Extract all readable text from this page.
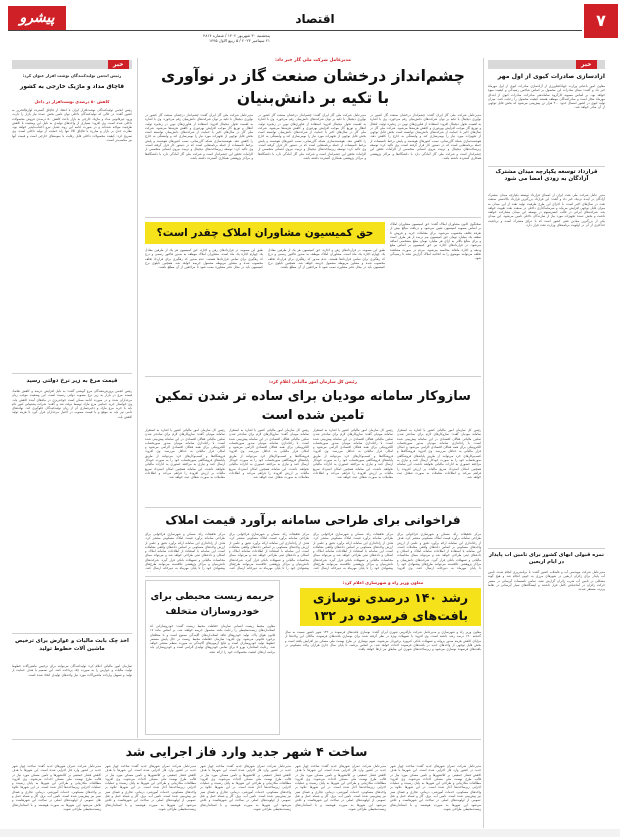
۷
اقتصاد
پیشرو
پنجشنبه ۳۰ شهریور ۱۴۰۲ / شماره ۴۸۱۴
۲۱ سپتامبر ۲۰۲۳ / ۵ ربیع الاول ۱۴۴۵
خبر
آزادسازی صادرات کیوی از اول مهر
معاون امور باغبانی وزارت جهادکشاورزی از آزادسازی صادرات کیوی از اول مهرماه خبر داد و گفت: مبنای صادرات این محصول بر اساس شاخص رسیدگی و کیفیت میوه خواهد بود. بر اساس مصوبه کارگروه ساماندهی صادرات، صادرات کیوی از ابتدای مهرماه مجاز است و صادرکنندگان موظف هستند کیفیت محصول را رعایت کنند. میزان تولید کیوی در کشور امسال حدود ۴۰۰ هزار تن پیش‌بینی می‌شود که بخش قابل توجهی از آن صادر خواهد شد.
قرارداد توسعه یکپارچه میدان مشترک آزادگان به زودی امضا می شود
مدیر عامل شرکت ملی نفت ایران از امضای قرارداد توسعه یکپارچه میدان مشترک آزادگان در آینده نزدیک خبر داد و گفت: این قرارداد بزرگترین قرارداد بالادستی صنعت نفت در سال‌های اخیر است. با اجرای این طرح ظرفیت تولید نفت از این میدان به میزان قابل توجهی افزایش می‌یابد و سرمایه‌گذاری داخلی در صنعت نفت تقویت خواهد شد. شرکت‌های ایرانی در قالب کنسرسیوم در توسعه این میدان مشارکت خواهند داشت و بخش عمده تجهیزات مورد نیاز از سازندگان داخلی تامین می‌شود. این میدان یکی از بزرگترین میادین نفتی کشور است که با عراق مشترک است و برداشت حداکثری از آن در اولویت برنامه‌های وزارت نفت قرار دارد.
نمره قبولی آبهای کشور برای تامین آب پایدار در ایام اربعین
مدیرعامل شرکت مهندسی آب و فاضلاب کشور گفت: با برنامه‌ریزی انجام شده، تامین آب پایدار برای زائران اربعین در شهرهای مرزی به خوبی انجام شد و هیچ گونه مشکلی در تامین آب شرب زائران گزارش نشد. تمامی تاسیسات آبرسانی در مسیر حرکت زائران در آماده‌باش کامل قرار داشتند و ایستگاه‌های سیار آبرسانی در نقاط پرتردد مستقر شدند.
مدیرعامل شرکت ملی گاز خبر داد:
چشم‌انداز درخشان صنعت گاز در نوآوری
با تکیه بر دانش‌بنیان
مدیرعامل شرکت ملی گاز ایران گفت: چشم‌انداز درخشان صنعت گاز کشور در نوآوری دیجیتال با تکیه بر توان شرکت‌های دانش‌بنیان رقم می‌خورد. وی با اشاره به اهمیت تحول دیجیتال افزود: استفاده از فناوری‌های نوین در زنجیره تولید، انتقال و توزیع گاز موجب افزایش بهره‌وری و کاهش هزینه‌ها می‌شود. شرکت ملی گاز در سال‌های اخیر با حمایت از شرکت‌های دانش‌بنیان توانسته است بخش قابل توجهی از تجهیزات مورد نیاز را بومی‌سازی کند و وابستگی به خارج را کاهش دهد. هوشمندسازی شبکه گازرسانی، نصب کنتورهای هوشمند و پایش برخط تاسیسات از جمله برنامه‌هایی است که در دستور کار قرار گرفته است. وی تاکید کرد: توسعه زیرساخت‌های دیجیتال و تربیت نیروی انسانی متخصص از الزامات تحقق این چشم‌انداز است و شرکت ملی گاز آمادگی دارد با دانشگاه‌ها و مراکز پژوهشی همکاری گسترده داشته باشد.
مدیرعامل شرکت ملی گاز ایران گفت: چشم‌انداز درخشان صنعت گاز کشور در نوآوری دیجیتال با تکیه بر توان شرکت‌های دانش‌بنیان رقم می‌خورد. وی با اشاره به اهمیت تحول دیجیتال افزود: استفاده از فناوری‌های نوین در زنجیره تولید، انتقال و توزیع گاز موجب افزایش بهره‌وری و کاهش هزینه‌ها می‌شود. شرکت ملی گاز در سال‌های اخیر با حمایت از شرکت‌های دانش‌بنیان توانسته است بخش قابل توجهی از تجهیزات مورد نیاز را بومی‌سازی کند و وابستگی به خارج را کاهش دهد. هوشمندسازی شبکه گازرسانی، نصب کنتورهای هوشمند و پایش برخط تاسیسات از جمله برنامه‌هایی است که در دستور کار قرار گرفته است. وی تاکید کرد: توسعه زیرساخت‌های دیجیتال و تربیت نیروی انسانی متخصص از الزامات تحقق این چشم‌انداز است و شرکت ملی گاز آمادگی دارد با دانشگاه‌ها و مراکز پژوهشی همکاری گسترده داشته باشد.
مدیرعامل شرکت ملی گاز ایران گفت: چشم‌انداز درخشان صنعت گاز کشور در نوآوری دیجیتال با تکیه بر توان شرکت‌های دانش‌بنیان رقم می‌خورد. وی با اشاره به اهمیت تحول دیجیتال افزود: استفاده از فناوری‌های نوین در زنجیره تولید، انتقال و توزیع گاز موجب افزایش بهره‌وری و کاهش هزینه‌ها می‌شود. شرکت ملی گاز در سال‌های اخیر با حمایت از شرکت‌های دانش‌بنیان توانسته است بخش قابل توجهی از تجهیزات مورد نیاز را بومی‌سازی کند و وابستگی به خارج را کاهش دهد. هوشمندسازی شبکه گازرسانی، نصب کنتورهای هوشمند و پایش برخط تاسیسات از جمله برنامه‌هایی است که در دستور کار قرار گرفته است. وی تاکید کرد: توسعه زیرساخت‌های دیجیتال و تربیت نیروی انسانی متخصص از الزامات تحقق این چشم‌انداز است و شرکت ملی گاز آمادگی دارد با دانشگاه‌ها و مراکز پژوهشی همکاری گسترده داشته باشد.
سخنگوی کانون مشاوران املاک گفت: حق کمیسیون مشاوران املاک بر اساس مصوبه کمیسیون تعیین می‌شود و دریافت مبالغ بیش از تعرفه تخلف محسوب می‌شود. برای معاملات خرید و فروش تا سقف یک میلیارد تومان حق کمیسیون نیم درصد از هر طرف است و برای مبالغ بالاتر به ازای هر میلیارد تومان مبلغ مشخصی اضافه می‌شود. در قراردادهای اجاره نیز حق کمیسیون بر اساس مبلغ ودیعه و اجاره ماهانه محاسبه می‌شود. مردم در صورت مشاهده تخلف می‌توانند موضوع را به اتحادیه املاک گزارش دهند تا رسیدگی شود.
حق کمیسیون مشاوران املاک چقدر است؟
طبق این مصوبه، در قراردادهای رهن و اجاره، حق کمیسیون هر یک از طرفین معادل یک چهارم اجاره یک ماه است. مشاوران املاک موظف به صدور فاکتور رسمی و درج کد رهگیری برای تمامی قراردادها هستند. عدم صدور کد رهگیری برای قرارداد تخلف محسوب شده و مشاور مربوطه مشمول جریمه خواهد شد. همچنین تابلوی نرخ کمیسیون باید در محل دفتر مشاوره نصب شود تا مراجعین از آن مطلع باشند.
طبق این مصوبه، در قراردادهای رهن و اجاره، حق کمیسیون هر یک از طرفین معادل یک چهارم اجاره یک ماه است. مشاوران املاک موظف به صدور فاکتور رسمی و درج کد رهگیری برای تمامی قراردادها هستند. عدم صدور کد رهگیری برای قرارداد تخلف محسوب شده و مشاور مربوطه مشمول جریمه خواهد شد. همچنین تابلوی نرخ کمیسیون باید در محل دفتر مشاوره نصب شود تا مراجعین از آن مطلع باشند.
رئیس کل سازمان امور مالیاتی اعلام کرد:
سازوکار سامانه مودیان برای ساده تر شدن تمکین
تامین شده است
رئیس کل سازمان امور مالیاتی کشور با اشاره به استقرار سامانه مودیان گفت: سازوکارهای لازم برای ساده‌تر شدن تمکین مالیاتی فعالان اقتصادی در این سامانه پیش‌بینی شده است. با راه‌اندازی سامانه مودیان صدور صورتحساب الکترونیکی برای همه فعالان اقتصادی الزامی می‌شود و امکان فرار مالیاتی به حداقل می‌رسد. وی افزود: فروشگاه‌ها و کسب‌وکارهای خرد می‌توانند از طریق پایانه‌های فروشگاهی صورتحساب خود را به صورت خودکار ارسال کنند و نیازی به مراجعه حضوری به ادارات مالیاتی نخواهند داشت. این سامانه همچنین امکان استرداد سریع مالیات بر ارزش افزوده را فراهم می‌کند و اطلاعات معاملات به صورت شفاف ثبت خواهد شد.
رئیس کل سازمان امور مالیاتی کشور با اشاره به استقرار سامانه مودیان گفت: سازوکارهای لازم برای ساده‌تر شدن تمکین مالیاتی فعالان اقتصادی در این سامانه پیش‌بینی شده است. با راه‌اندازی سامانه مودیان صدور صورتحساب الکترونیکی برای همه فعالان اقتصادی الزامی می‌شود و امکان فرار مالیاتی به حداقل می‌رسد. وی افزود: فروشگاه‌ها و کسب‌وکارهای خرد می‌توانند از طریق پایانه‌های فروشگاهی صورتحساب خود را به صورت خودکار ارسال کنند و نیازی به مراجعه حضوری به ادارات مالیاتی نخواهند داشت. این سامانه همچنین امکان استرداد سریع مالیات بر ارزش افزوده را فراهم می‌کند و اطلاعات معاملات به صورت شفاف ثبت خواهد شد.
رئیس کل سازمان امور مالیاتی کشور با اشاره به استقرار سامانه مودیان گفت: سازوکارهای لازم برای ساده‌تر شدن تمکین مالیاتی فعالان اقتصادی در این سامانه پیش‌بینی شده است. با راه‌اندازی سامانه مودیان صدور صورتحساب الکترونیکی برای همه فعالان اقتصادی الزامی می‌شود و امکان فرار مالیاتی به حداقل می‌رسد. وی افزود: فروشگاه‌ها و کسب‌وکارهای خرد می‌توانند از طریق پایانه‌های فروشگاهی صورتحساب خود را به صورت خودکار ارسال کنند و نیازی به مراجعه حضوری به ادارات مالیاتی نخواهند داشت. این سامانه همچنین امکان استرداد سریع مالیات بر ارزش افزوده را فراهم می‌کند و اطلاعات معاملات به صورت شفاف ثبت خواهد شد.
رئیس کل سازمان امور مالیاتی کشور با اشاره به استقرار سامانه مودیان گفت: سازوکارهای لازم برای ساده‌تر شدن تمکین مالیاتی فعالان اقتصادی در این سامانه پیش‌بینی شده است. با راه‌اندازی سامانه مودیان صدور صورتحساب الکترونیکی برای همه فعالان اقتصادی الزامی می‌شود و امکان فرار مالیاتی به حداقل می‌رسد. وی افزود: فروشگاه‌ها و کسب‌وکارهای خرد می‌توانند از طریق پایانه‌های فروشگاهی صورتحساب خود را به صورت خودکار ارسال کنند و نیازی به مراجعه حضوری به ادارات مالیاتی نخواهند داشت. این سامانه همچنین امکان استرداد سریع مالیات بر ارزش افزوده را فراهم می‌کند و اطلاعات معاملات به صورت شفاف ثبت خواهد شد.
فراخوانی برای طراحی سامانه برآورد قیمت املاک
مرکز تحقیقات راه، مسکن و شهرسازی فراخوانی برای طراحی سامانه برآورد قیمت املاک مسکونی منتشر کرد. هدف از راه‌اندازی این سامانه ارائه برآورد دقیق و علمی از ارزش واحدهای مسکونی بر اساس داده‌های واقعی معاملات است. این سامانه با استفاده از اطلاعات سامانه املاک و اسکان و داده‌های ثبتی طراحی خواهد شد و می‌تواند مبنای محاسبات مالیاتی و تسهیلات بانکی قرار گیرد. شرکت‌های دانش‌بنیان و مراکز پژوهشی علاقه‌مند می‌توانند طرح‌های پیشنهادی خود را تا پایان مهرماه به دبیرخانه ارسال کنند. وی افزود:
مرکز تحقیقات راه، مسکن و شهرسازی فراخوانی برای طراحی سامانه برآورد قیمت املاک مسکونی منتشر کرد. هدف از راه‌اندازی این سامانه ارائه برآورد دقیق و علمی از ارزش واحدهای مسکونی بر اساس داده‌های واقعی معاملات است. این سامانه با استفاده از اطلاعات سامانه املاک و اسکان و داده‌های ثبتی طراحی خواهد شد و می‌تواند مبنای محاسبات مالیاتی و تسهیلات بانکی قرار گیرد. شرکت‌های دانش‌بنیان و مراکز پژوهشی علاقه‌مند می‌توانند طرح‌های پیشنهادی خود را تا پایان مهرماه به دبیرخانه ارسال کنند.
مرکز تحقیقات راه، مسکن و شهرسازی فراخوانی برای طراحی سامانه برآورد قیمت املاک مسکونی منتشر کرد. هدف از راه‌اندازی این سامانه ارائه برآورد دقیق و علمی از ارزش واحدهای مسکونی بر اساس داده‌های واقعی معاملات است. این سامانه با استفاده از اطلاعات سامانه املاک و اسکان و داده‌های ثبتی طراحی خواهد شد و می‌تواند مبنای محاسبات مالیاتی و تسهیلات بانکی قرار گیرد. شرکت‌های دانش‌بنیان و مراکز پژوهشی علاقه‌مند می‌توانند طرح‌های پیشنهادی خود را تا پایان مهرماه به دبیرخانه ارسال کنند.
مرکز تحقیقات راه، مسکن و شهرسازی فراخوانی برای طراحی سامانه برآورد قیمت املاک مسکونی منتشر کرد. هدف از راه‌اندازی این سامانه ارائه برآورد دقیق و علمی از ارزش واحدهای مسکونی بر اساس داده‌های واقعی معاملات است. این سامانه با استفاده از اطلاعات سامانه املاک و اسکان و داده‌های ثبتی طراحی خواهد شد و می‌تواند مبنای محاسبات مالیاتی و تسهیلات بانکی قرار گیرد. شرکت‌های دانش‌بنیان و مراکز پژوهشی علاقه‌مند می‌توانند طرح‌های پیشنهادی خود را تا پایان مهرماه به دبیرخانه ارسال کنند.
معاون وزیر راه و شهرسازی اعلام کرد:
رشد ۱۴۰ درصدی نوسازی
بافت‌های فرسوده در ۱۳۲
معاون وزیر راه و شهرسازی و مدیرعامل شرکت بازآفرینی شهری ایران گفت: نوسازی بافت‌های فرسوده در ۱۳۲ شهر کشور نسبت به سال گذشته ۱۴۰ درصد رشد داشته است. وی افزود: با تسهیلات ویژه در نظر گرفته شده برای نوسازی بافت‌های فرسوده، مالکان این واحدها از مزایای کاهش هزینه صدور پروانه و تسهیلات بانکی کم‌بهره برخوردار می‌شوند. سهم نوسازی در طرح نهضت ملی مسکن نیز افزایش یافته است و بخش قابل توجهی از واحدهای جدید در بافت‌های فرسوده احداث خواهد شد. بر اساس برنامه، تا پایان سال جاری هزاران واحد مسکونی در بافت‌های فرسوده نوسازی می‌شود و زیرساخت‌های شهری این مناطق نیز ارتقا خواهد یافت.
جریمه زیست محیطی برای
خودروسازان متخلف
معاون محیط زیست انسانی سازمان حفاظت محیط زیست گفت: خودروسازانی که استانداردهای زیست‌محیطی را رعایت نکنند مشمول جریمه خواهند شد. بر اساس ماده ۱۷ قانون هوای پاک، تولید خودروهای فاقد استانداردهای آلایندگی ممنوع است و با متخلفان برخورد قانونی می‌شود. وی افزود: سازمان حفاظت محیط زیست در حال پایش مستمر خطوط تولید خودروسازان است و نتایج آزمون‌های آلایندگی به صورت منظم منتشر خواهد شد. رعایت استاندارد یورو ۵ برای تمامی خودروهای تولیدی الزامی است و خودروسازان باید برنامه ارتقای کیفیت محصولات خود را ارائه دهند.
خبر
رئیس انجمن تولیدکنندگان نوشت افزار عنوان کرد:
قاچاق مداد و ماژیک خارجی به کشور
کاهش ۵۰ درصدی نوشت‌افزار در داخل
رئیس انجمن تولیدکنندگان نوشت‌افزار ایران با انتقاد از قاچاق گسترده لوازم‌التحریر به کشور گفت: در حالی که تولیدکنندگان داخلی توان تامین بخش عمده نیاز بازار را دارند، ورود غیرقانونی مداد و ماژیک خارجی به بازار باعث کاهش ۵۰ درصدی فروش محصولات داخلی شده است. وی افزود: بسیاری از واحدهای تولیدی به دلیل این وضعیت با کاهش ظرفیت مواجه شده‌اند و در صورت ادامه این روند تعدیل نیرو اجتناب‌ناپذیر خواهد بود. نظارت جدی بر بازار و مبارزه با قاچاق کالا تنها راه حمایت از تولید داخلی است. وی تصریح کرد: کیفیت محصولات داخلی قابل رقابت با نمونه‌های خارجی است و قیمت آنها نیز مناسب‌تر است.
قیمت مرغ به زیر نرخ دولتی رسید
رئیس انجمن پرورش‌دهندگان مرغ گوشتی گفت: به دلیل افزایش عرضه و کاهش تقاضا، قیمت مرغ در بازار به زیر نرخ مصوب دولتی رسیده است. این وضعیت موجب زیان مرغداران شده و در صورت ادامه ممکن است جوجه‌ریزی در ماه‌های آینده کاهش یابد. وی خواستار خرید حمایتی مرغ مازاد توسط دولت شد و گفت: شرکت پشتیبانی امور دام باید با خرید مرغ مازاد و ذخیره‌سازی آن از زیان تولیدکنندگان جلوگیری کند. نهاده‌های دامی نیز باید به موقع و با قیمت مصوب در اختیار مرغداران قرار گیرد تا هزینه تولید کاهش یابد.
اخذ چک بابت مالیات و عوارض برای ترخیص ماشین آلات خطوط تولید
سازمان امور مالیاتی اعلام کرد: تولیدکنندگان می‌توانند برای ترخیص ماشین‌آلات خطوط تولید، مالیات و عوارض را به صورت چک پرداخت کنند. این تصمیم با هدف حمایت از تولید و تسهیل واردات ماشین‌آلات مورد نیاز واحدهای تولیدی اتخاذ شده است.
ساخت ۴ شهر جدید وارد فاز اجرایی شد
مدیرعامل شرکت عمران شهرهای جدید گفت: ساخت چهار شهر جدید در کشور وارد فاز اجرایی شده است. این شهرها با هدف کاهش فشار جمعیتی بر کلانشهرها و تامین مسکن مورد نیاز در قالب طرح نهضت ملی مسکن احداث می‌شوند. وی افزود: مطالعات مکان‌یابی و طراحی این شهرها به پایان رسیده و عملیات اجرایی زیرساخت‌ها آغاز شده است. در این شهرها علاوه بر واحدهای مسکونی، خدمات آموزشی، درمانی، تجاری و فضای سبز نیز پیش‌بینی شده است. تامین آب، برق، گاز و شبکه حمل و نقل عمومی از اولویت‌های اصلی در ساخت این شهرهاست و تلاش می‌شود این شهرها به صورت هوشمند و با استانداردهای زیست‌محیطی طراحی شوند.
مدیرعامل شرکت عمران شهرهای جدید گفت: ساخت چهار شهر جدید در کشور وارد فاز اجرایی شده است. این شهرها با هدف کاهش فشار جمعیتی بر کلانشهرها و تامین مسکن مورد نیاز در قالب طرح نهضت ملی مسکن احداث می‌شوند. وی افزود: مطالعات مکان‌یابی و طراحی این شهرها به پایان رسیده و عملیات اجرایی زیرساخت‌ها آغاز شده است. در این شهرها علاوه بر واحدهای مسکونی، خدمات آموزشی، درمانی، تجاری و فضای سبز نیز پیش‌بینی شده است. تامین آب، برق، گاز و شبکه حمل و نقل عمومی از اولویت‌های اصلی در ساخت این شهرهاست و تلاش می‌شود این شهرها به صورت هوشمند و با استانداردهای زیست‌محیطی طراحی شوند.
مدیرعامل شرکت عمران شهرهای جدید گفت: ساخت چهار شهر جدید در کشور وارد فاز اجرایی شده است. این شهرها با هدف کاهش فشار جمعیتی بر کلانشهرها و تامین مسکن مورد نیاز در قالب طرح نهضت ملی مسکن احداث می‌شوند. وی افزود: مطالعات مکان‌یابی و طراحی این شهرها به پایان رسیده و عملیات اجرایی زیرساخت‌ها آغاز شده است. در این شهرها علاوه بر واحدهای مسکونی، خدمات آموزشی، درمانی، تجاری و فضای سبز نیز پیش‌بینی شده است. تامین آب، برق، گاز و شبکه حمل و نقل عمومی از اولویت‌های اصلی در ساخت این شهرهاست و تلاش می‌شود این شهرها به صورت هوشمند و با استانداردهای زیست‌محیطی طراحی شوند.
مدیرعامل شرکت عمران شهرهای جدید گفت: ساخت چهار شهر جدید در کشور وارد فاز اجرایی شده است. این شهرها با هدف کاهش فشار جمعیتی بر کلانشهرها و تامین مسکن مورد نیاز در قالب طرح نهضت ملی مسکن احداث می‌شوند. وی افزود: مطالعات مکان‌یابی و طراحی این شهرها به پایان رسیده و عملیات اجرایی زیرساخت‌ها آغاز شده است. در این شهرها علاوه بر واحدهای مسکونی، خدمات آموزشی، درمانی، تجاری و فضای سبز نیز پیش‌بینی شده است. تامین آب، برق، گاز و شبکه حمل و نقل عمومی از اولویت‌های اصلی در ساخت این شهرهاست و تلاش می‌شود این شهرها به صورت هوشمند و با استانداردهای زیست‌محیطی طراحی شوند.
مدیرعامل شرکت عمران شهرهای جدید گفت: ساخت چهار شهر جدید در کشور وارد فاز اجرایی شده است. این شهرها با هدف کاهش فشار جمعیتی بر کلانشهرها و تامین مسکن مورد نیاز در قالب طرح نهضت ملی مسکن احداث می‌شوند. وی افزود: مطالعات مکان‌یابی و طراحی این شهرها به پایان رسیده و عملیات اجرایی زیرساخت‌ها آغاز شده است. در این شهرها علاوه بر واحدهای مسکونی، خدمات آموزشی، درمانی، تجاری و فضای سبز نیز پیش‌بینی شده است. تامین آب، برق، گاز و شبکه حمل و نقل عمومی از اولویت‌های اصلی در ساخت این شهرهاست و تلاش می‌شود این شهرها به صورت هوشمند و با استانداردهای زیست‌محیطی طراحی شوند.
